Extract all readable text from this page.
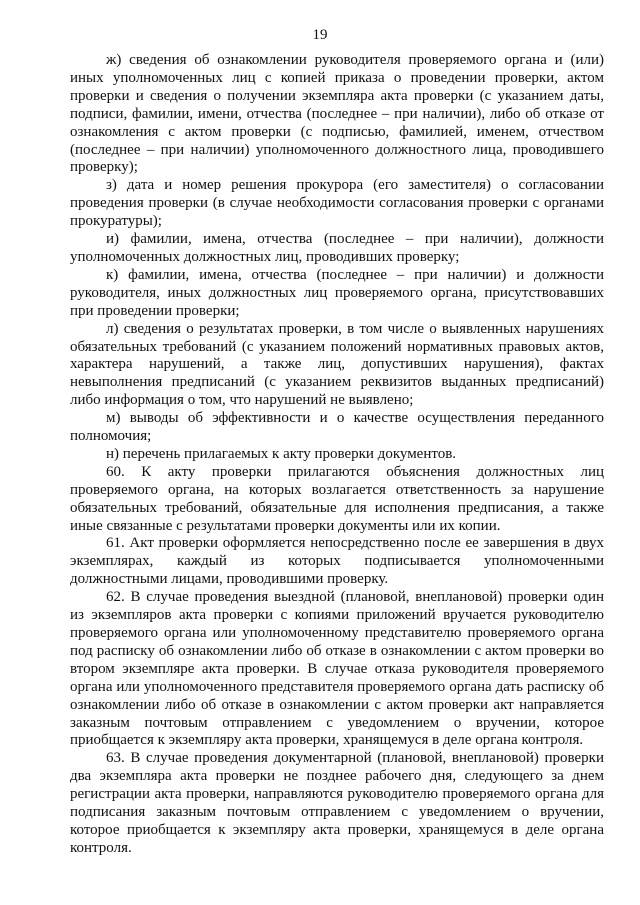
19

ж) сведения об ознакомлении руководителя проверяемого органа и (или) иных уполномоченных лиц с копией приказа о проведении проверки, актом проверки и сведения о получении экземпляра акта проверки (с указанием даты, подписи, фамилии, имени, отчества (последнее – при наличии), либо об отказе от ознакомления с актом проверки (с подписью, фамилией, именем, отчеством (последнее – при наличии) уполномоченного должностного лица, проводившего проверку);

з) дата и номер решения прокурора (его заместителя) о согласовании проведения проверки (в случае необходимости согласования проверки с органами прокуратуры);

и) фамилии, имена, отчества (последнее – при наличии), должности уполномоченных должностных лиц, проводивших проверку;

к) фамилии, имена, отчества (последнее – при наличии) и должности руководителя, иных должностных лиц проверяемого органа, присутствовавших при проведении проверки;

л) сведения о результатах проверки, в том числе о выявленных нарушениях обязательных требований (с указанием положений нормативных правовых актов, характера нарушений, а также лиц, допустивших нарушения), фактах невыполнения предписаний (с указанием реквизитов выданных предписаний) либо информация о том, что нарушений не выявлено;

м) выводы об эффективности и о качестве осуществления переданного полномочия;

н) перечень прилагаемых к акту проверки документов.

60. К акту проверки прилагаются объяснения должностных лиц проверяемого органа, на которых возлагается ответственность за нарушение обязательных требований, обязательные для исполнения предписания, а также иные связанные с результатами проверки документы или их копии.

61. Акт проверки оформляется непосредственно после ее завершения в двух экземплярах, каждый из которых подписывается уполномоченными должностными лицами, проводившими проверку.

62. В случае проведения выездной (плановой, внеплановой) проверки один из экземпляров акта проверки с копиями приложений вручается руководителю проверяемого органа или уполномоченному представителю проверяемого органа под расписку об ознакомлении либо об отказе в ознакомлении с актом проверки во втором экземпляре акта проверки. В случае отказа руководителя проверяемого органа или уполномоченного представителя проверяемого органа дать расписку об ознакомлении либо об отказе в ознакомлении с актом проверки акт направляется заказным почтовым отправлением с уведомлением о вручении, которое приобщается к экземпляру акта проверки, хранящемуся в деле органа контроля.

63. В случае проведения документарной (плановой, внеплановой) проверки два экземпляра акта проверки не позднее рабочего дня, следующего за днем регистрации акта проверки, направляются руководителю проверяемого органа для подписания заказным почтовым отправлением с уведомлением о вручении, которое приобщается к экземпляру акта проверки, хранящемуся в деле органа контроля.
